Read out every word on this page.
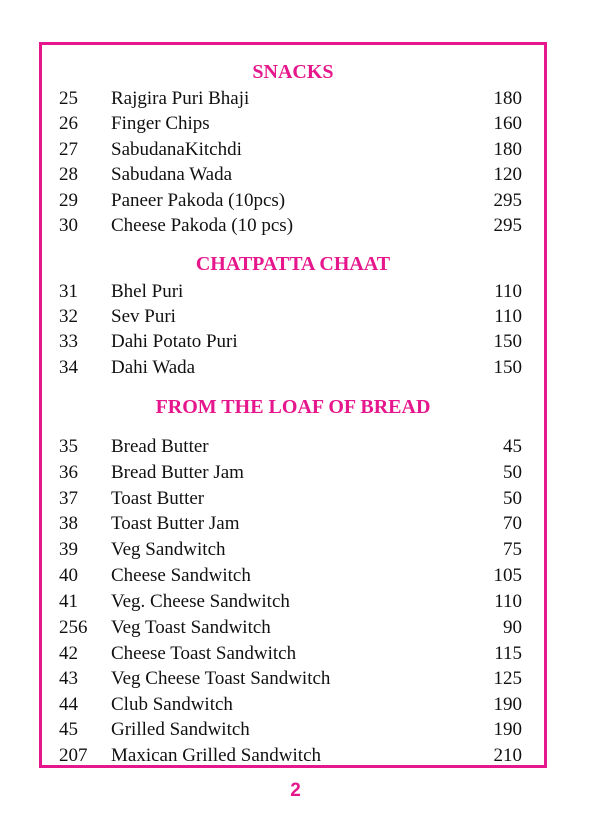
SNACKS
25 Rajgira Puri Bhaji	180
26 Finger Chips	160
27 SabudanaKitchdi	180
28 Sabudana Wada	120
29 Paneer Pakoda (10pcs)	295
30 Cheese Pakoda (10 pcs)	295
CHATPATTA CHAAT
31 Bhel Puri	110
32 Sev Puri	110
33 Dahi Potato Puri	150
34 Dahi Wada	150
FROM THE LOAF OF BREAD
35 Bread Butter	45
36 Bread Butter Jam	50
37 Toast Butter	50
38 Toast Butter Jam	70
39 Veg Sandwitch	75
40 Cheese Sandwitch	105
41 Veg. Cheese Sandwitch	110
256 Veg Toast Sandwitch	90
42 Cheese Toast Sandwitch	115
43 Veg Cheese Toast Sandwitch	125
44 Club Sandwitch	190
45 Grilled Sandwitch	190
207 Maxican Grilled Sandwitch	210
2
